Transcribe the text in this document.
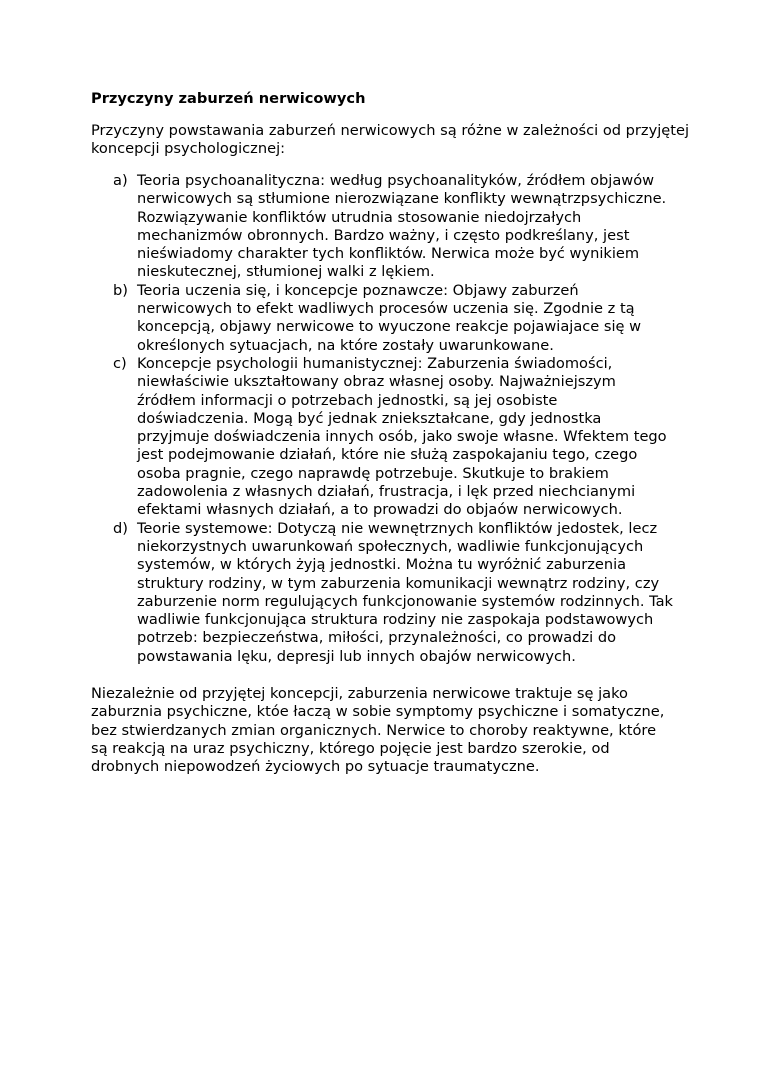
Przyczyny zaburzeń nerwicowych

Przyczyny powstawania zaburzeń nerwicowych są różne w zależności od przyjętej koncepcji psychologicznej:

a) Teoria psychoanalityczna: według psychoanalityków, źródłem objawów nerwicowych są stłumione nierozwiązane konflikty wewnątrzpsychiczne. Rozwiązywanie konfliktów utrudnia stosowanie niedojrzałych mechanizmów obronnych. Bardzo ważny, i często podkreślany, jest nieświadomy charakter tych konfliktów. Nerwica może być wynikiem nieskutecznej, stłumionej walki z lękiem.
b) Teoria uczenia się, i koncepcje poznawcze: Objawy zaburzeń nerwicowych to efekt wadliwych procesów uczenia się. Zgodnie z tą koncepcją, objawy nerwicowe to wyuczone reakcje pojawiajace się w określonych sytuacjach, na które zostały uwarunkowane.
c) Koncepcje psychologii humanistycznej: Zaburzenia świadomości, niewłaściwie ukształtowany obraz własnej osoby. Najważniejszym źródłem informacji o potrzebach jednostki, są jej osobiste doświadczenia. Mogą być jednak zniekształcane, gdy jednostka przyjmuje doświadczenia innych osób, jako swoje własne. Wfektem tego jest podejmowanie działań, które nie służą zaspokajaniu tego, czego osoba pragnie, czego naprawdę potrzebuje. Skutkuje to brakiem zadowolenia z własnych działań, frustracja, i lęk przed niechcianymi efektami własnych działań, a to prowadzi do objaów nerwicowych.
d) Teorie systemowe: Dotyczą nie wewnętrznych konfliktów jedostek, lecz niekorzystnych uwarunkowań społecznych, wadliwie funkcjonujących systemów, w których żyją jednostki. Można tu wyróżnić zaburzenia struktury rodziny, w tym zaburzenia komunikacji wewnątrz rodziny, czy zaburzenie norm regulujących funkcjonowanie systemów rodzinnych. Tak wadliwie funkcjonująca struktura rodziny nie zaspokaja podstawowych potrzeb: bezpieczeństwa, miłości, przynależności, co prowadzi do powstawania lęku, depresji lub innych obajów nerwicowych.

Niezależnie od przyjętej koncepcji, zaburzenia nerwicowe traktuje sę jako zaburznia psychiczne, któe łaczą w sobie symptomy psychiczne i somatyczne, bez stwierdzanych zmian organicznych. Nerwice to choroby reaktywne, które są reakcją na uraz psychiczny, którego pojęcie jest bardzo szerokie, od drobnych niepowodzeń życiowych po sytuacje traumatyczne.
